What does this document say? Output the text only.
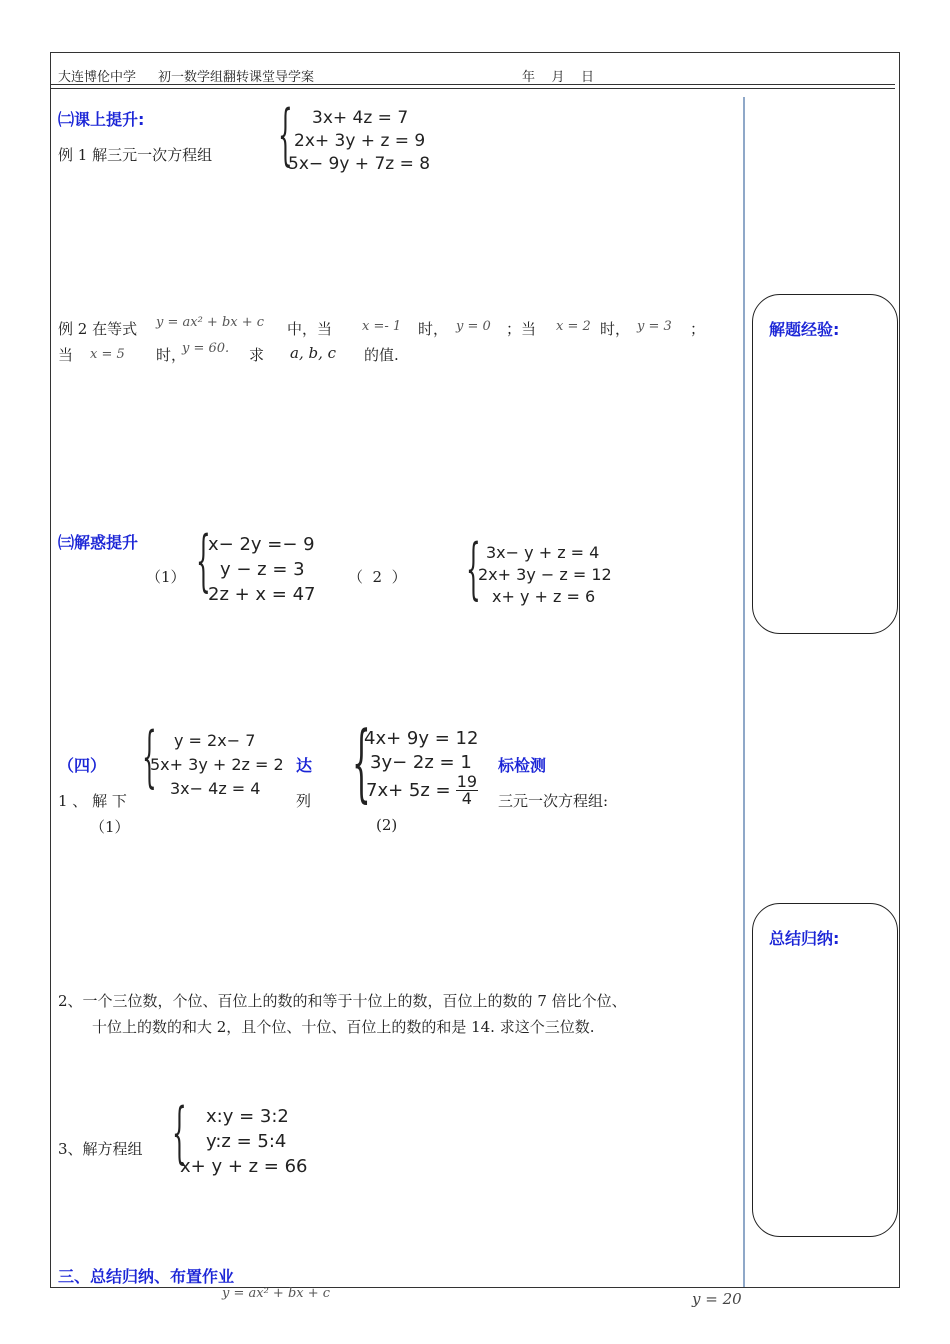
大连博伦中学 初一数学组翻转课堂导学案	年    月    日
㈡课上提升:
例 1 解三元一次方程组 { 3x+ 4z = 7
2x+ 3y + z = 9
5x− 9y + 7z = 8
例 2 在等式 y = ax² + bx + c 中，当 x =- 1 时， y = 0 ；当 x = 2 时， y = 3 ；
当 x = 5 时，
y = 60. 求 a, b, c 的值.
㈢解惑提升
（1） {
x− 2y =− 9
y − z = 3
2z + x = 47
（  2  ） { 3x− y + z = 4
2x+ 3y − z = 12
x+ y + z = 6
（四）	达	标检测
1 、 解 下	列	三元一次方程组:
（1）	(2)
{ y = 2x− 7
5x+ 3y + 2z = 2
3x− 4z = 4	{
4x+ 9y = 12
3y− 2z = 1
$7x+ 5z = \frac{19}{4}$
2、一个三位数，个位、百位上的数的和等于十位上的数，百位上的数的 7 倍比个位、
十位上的数的和大 2，且个位、十位、百位上的数的和是 14. 求这个三位数.
3、解方程组 { x:y = 3:2
y:z = 5:4
x+ y + z = 66
三、总结归纳、布置作业
解题经验:
总结归纳:
y = ax² + bx + c	y = 20
